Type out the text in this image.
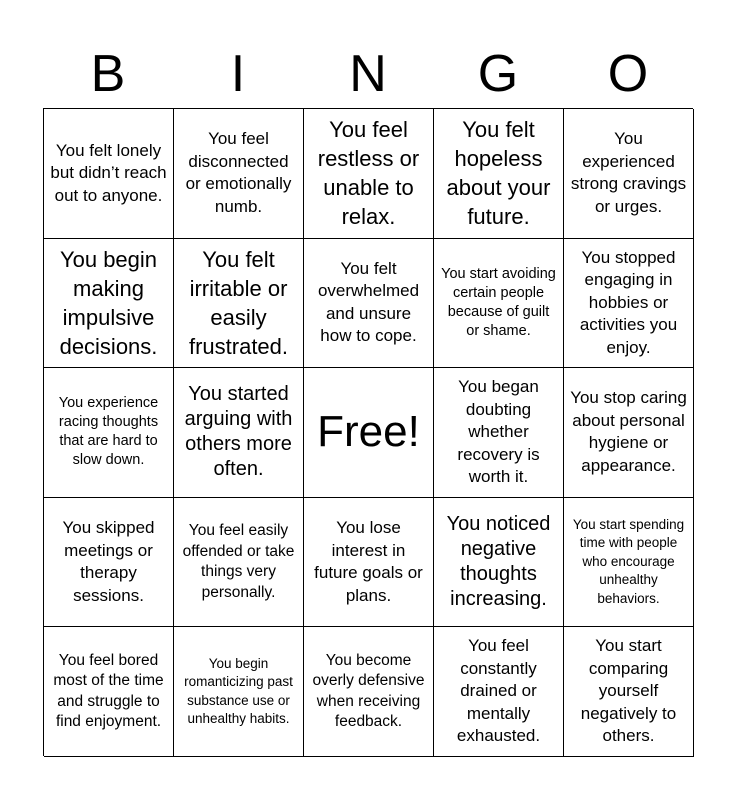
B	I	N	G	O
You felt lonely but didn’t reach out to anyone.
You feel disconnected or emotionally numb.
You feel restless or unable to relax.
You felt hopeless about your future.
You experienced strong cravings or urges.
You begin making impulsive decisions.
You felt irritable or easily frustrated.
You felt overwhelmed and unsure how to cope.
You start avoiding certain people because of guilt or shame.
You stopped engaging in hobbies or activities you enjoy.
You experience racing thoughts that are hard to slow down.
You started arguing with others more often.
Free!
You began doubting whether recovery is worth it.
You stop caring about personal hygiene or appearance.
You skipped meetings or therapy sessions.
You feel easily offended or take things very personally.
You lose interest in future goals or plans.
You noticed negative thoughts increasing.
You start spending time with people who encourage unhealthy behaviors.
You feel bored most of the time and struggle to find enjoyment.
You begin romanticizing past substance use or unhealthy habits.
You become overly defensive when receiving feedback.
You feel constantly drained or mentally exhausted.
You start comparing yourself negatively to others.
